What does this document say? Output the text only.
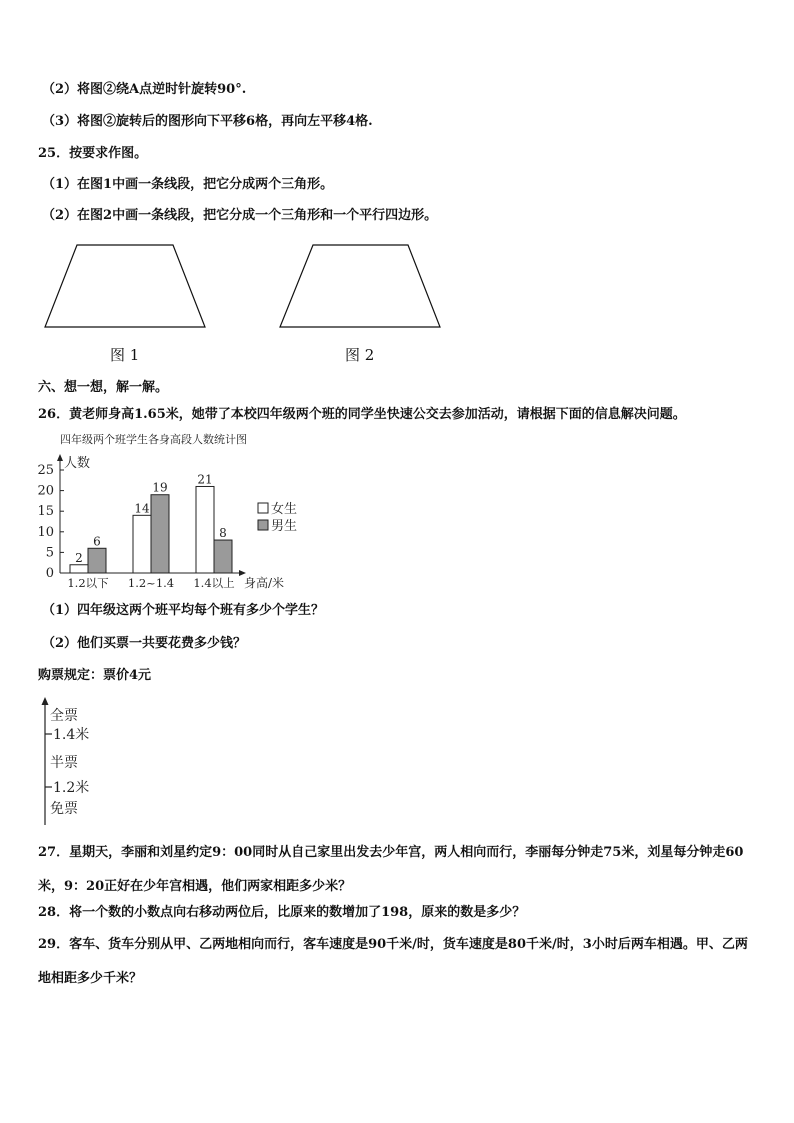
（2）将图②绕A点逆时针旋转90°.
（3）将图②旋转后的图形向下平移6格，再向左平移4格.
25．按要求作图。
（1）在图1中画一条线段，把它分成两个三角形。
（2）在图2中画一条线段，把它分成一个三角形和一个平行四边形。
图 1	图 2
六、想一想，解一解。
26．黄老师身高1.65米，她带了本校四年级两个班的同学坐快速公交去参加活动，请根据下面的信息解决问题。
四年级两个班学生各身高段人数统计图
人数
身高/米
0
5
10
15
20
25
2
6
1.2以下
14
19
1.2~1.4
21
8
1.4以上
女生
男生
（1）四年级这两个班平均每个班有多少个学生？
（2）他们买票一共要花费多少钱？
购票规定：票价4元
全票
1.4米
半票
1.2米
免票
27．星期天，李丽和刘星约定9：00同时从自己家里出发去少年宫，两人相向而行，李丽每分钟走75米，刘星每分钟走60米，9：20正好在少年宫相遇，他们两家相距多少米？
28．将一个数的小数点向右移动两位后，比原来的数增加了198，原来的数是多少？
29．客车、货车分别从甲、乙两地相向而行，客车速度是90千米/时，货车速度是80千米/时，3小时后两车相遇。甲、乙两地相距多少千米？
